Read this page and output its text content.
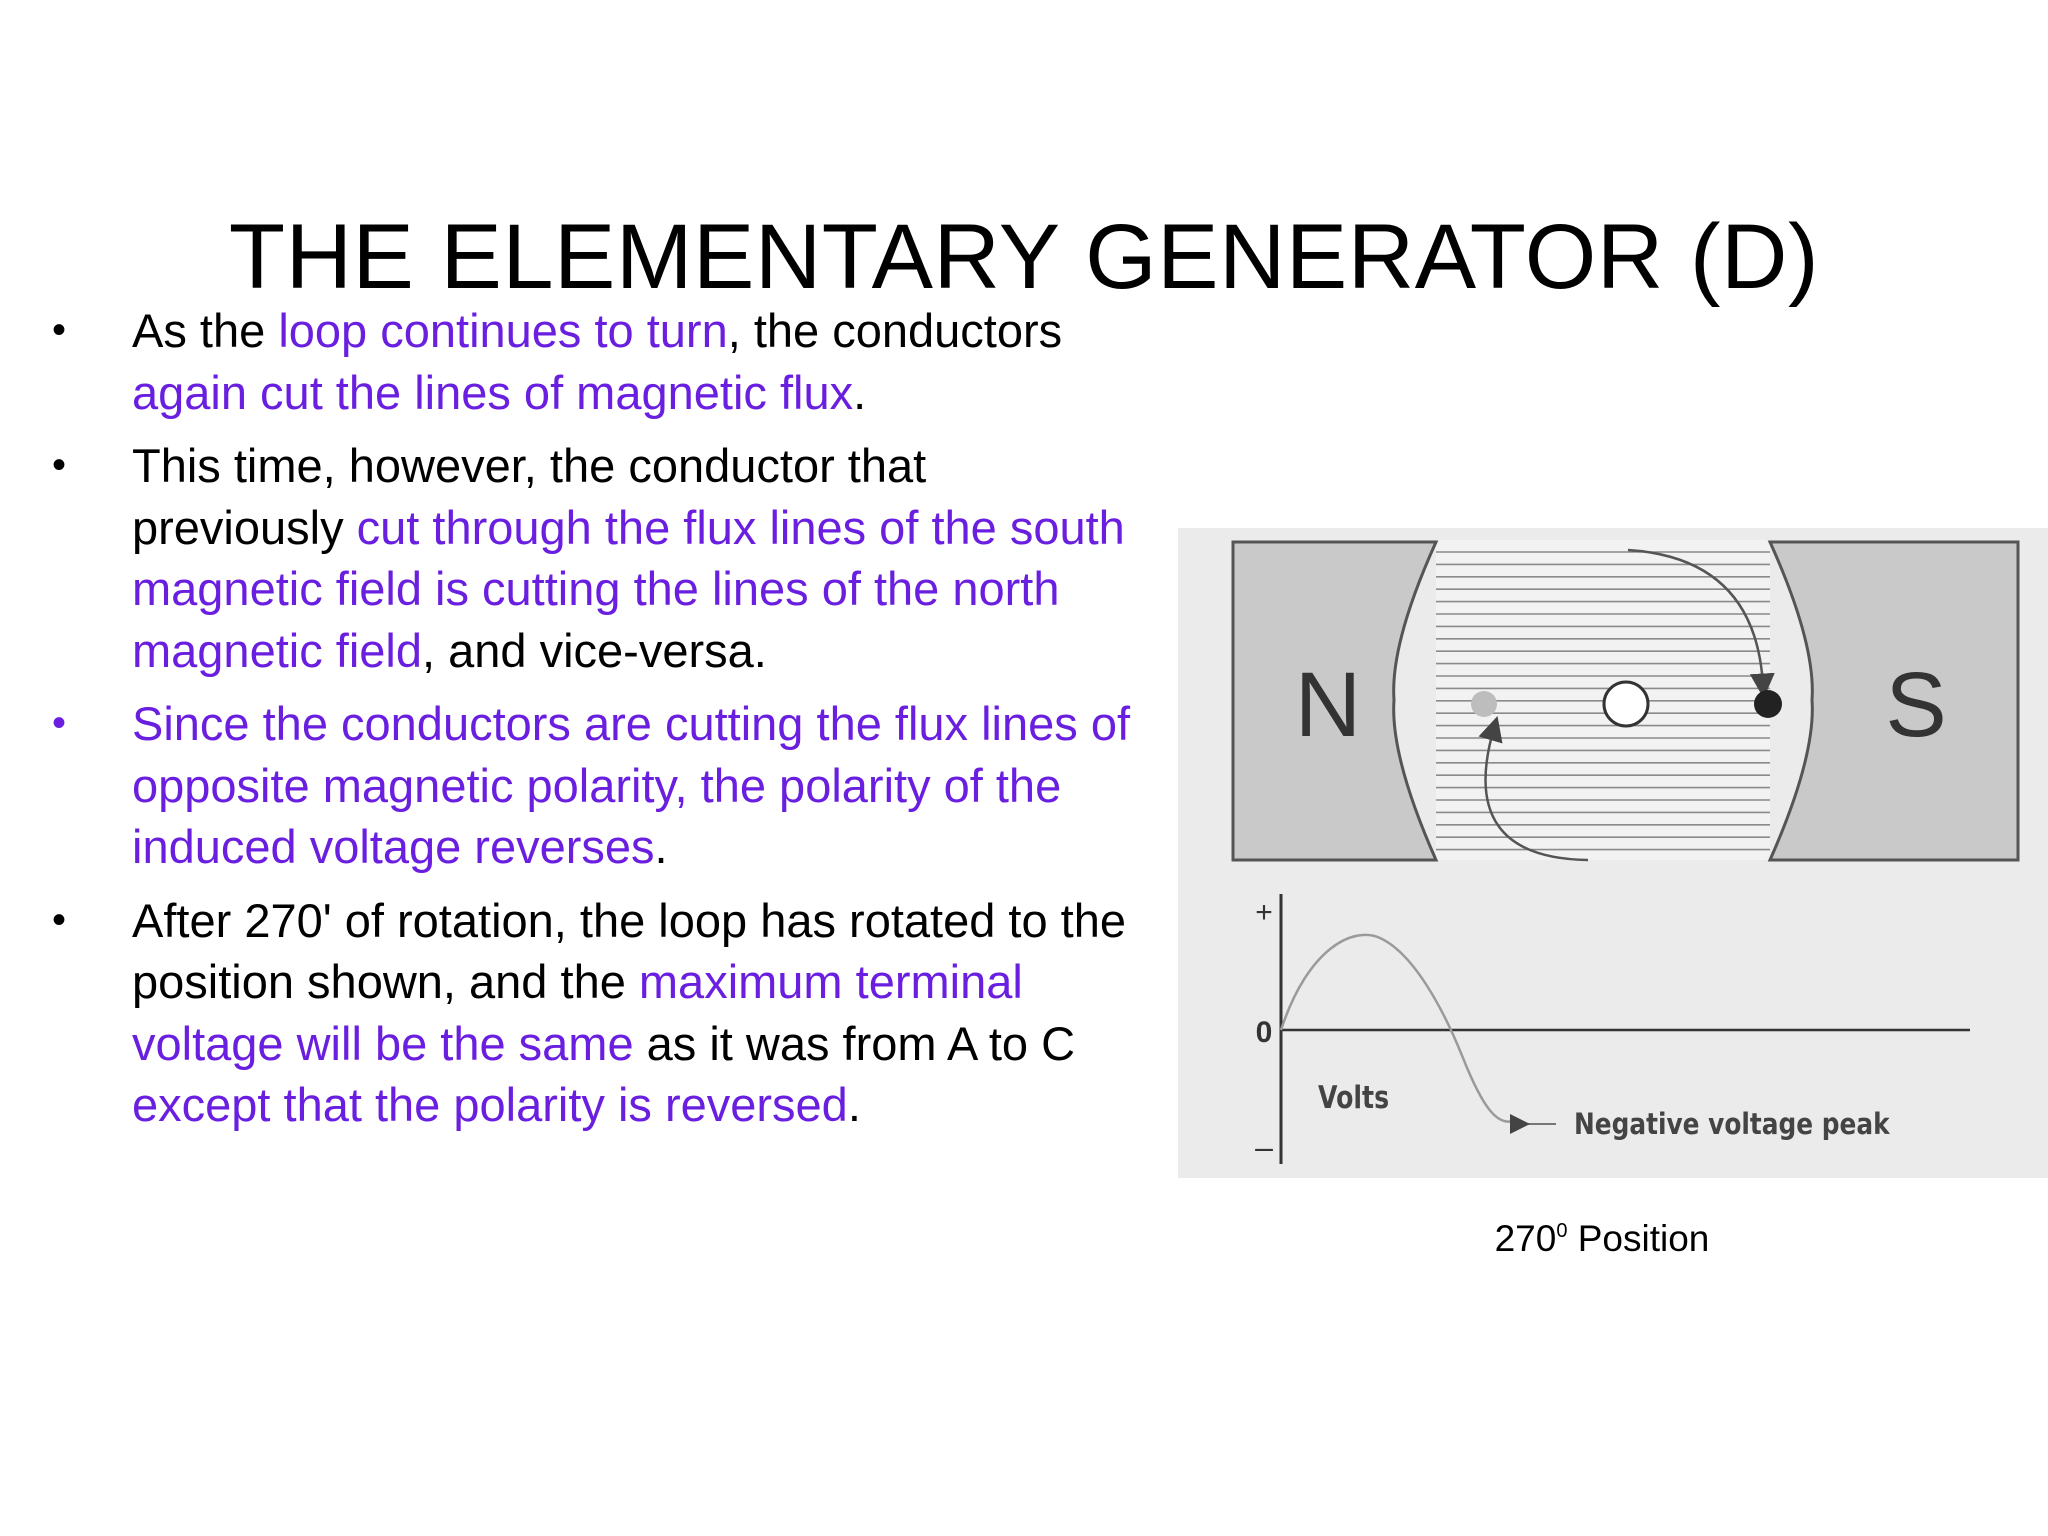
THE ELEMENTARY GENERATOR (D)
• As the loop continues to turn, the conductors again cut the lines of magnetic flux.
• This time, however, the conductor that previously cut through the flux lines of the south magnetic field is cutting the lines of the north magnetic field, and vice-versa.
• Since the conductors are cutting the flux lines of opposite magnetic polarity, the polarity of the induced voltage reverses.
• After 270' of rotation, the loop has rotated to the position shown, and the maximum terminal voltage will be the same as it was from A to C except that the polarity is reversed.
N	S
+
0
–
Volts
Negative voltage peak
$270^0$ Position
